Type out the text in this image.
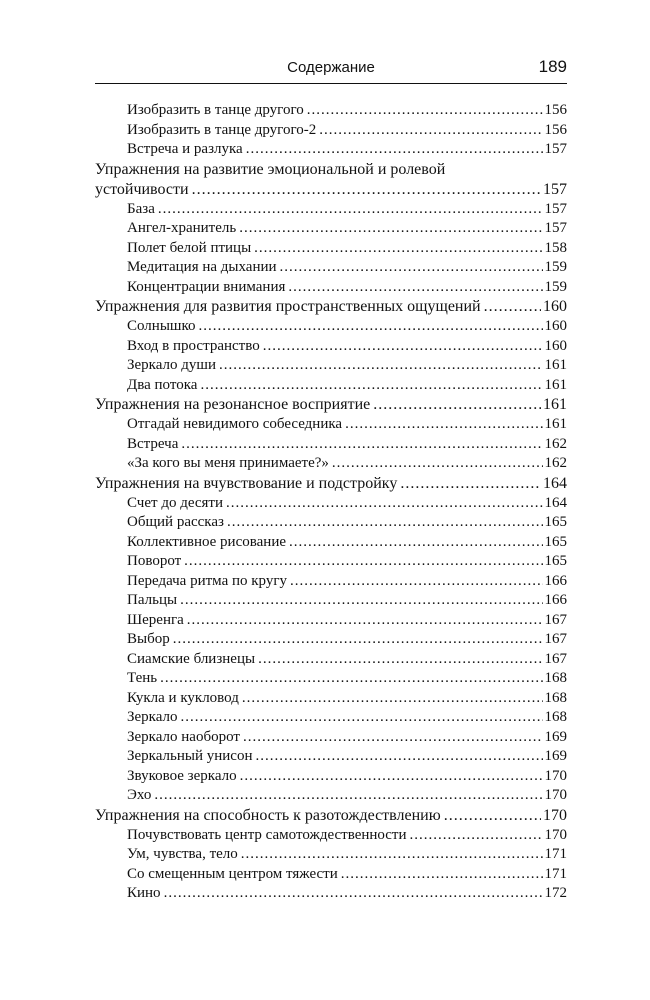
Содержание	189
Изобразить в танце другого .....	156
Изобразить в танце другого-2 .....	156
Встреча и разлука .....	157
Упражнения на развитие эмоциональной и ролевой
устойчивости .....	157
База .....	157
Ангел-хранитель .....	157
Полет белой птицы .....	158
Медитация на дыхании .....	159
Концентрации внимания .....	159
Упражнения для развития пространственных ощущений .....	160
Солнышко .....	160
Вход в пространство .....	160
Зеркало души .....	161
Два потока .....	161
Упражнения на резонансное восприятие .....	161
Отгадай невидимого собеседника .....	161
Встреча .....	162
«За кого вы меня принимаете?» .....	162
Упражнения на вчувствование и подстройку .....	164
Счет до десяти .....	164
Общий рассказ .....	165
Коллективное рисование .....	165
Поворот .....	165
Передача ритма по кругу .....	166
Пальцы .....	166
Шеренга .....	167
Выбор .....	167
Сиамские близнецы .....	167
Тень .....	168
Кукла и кукловод .....	168
Зеркало .....	168
Зеркало наоборот .....	169
Зеркальный унисон .....	169
Звуковое зеркало .....	170
Эхо .....	170
Упражнения на способность к разотождествлению .....	170
Почувствовать центр самотождественности .....	170
Ум, чувства, тело .....	171
Со смещенным центром тяжести .....	171
Кино .....	172
